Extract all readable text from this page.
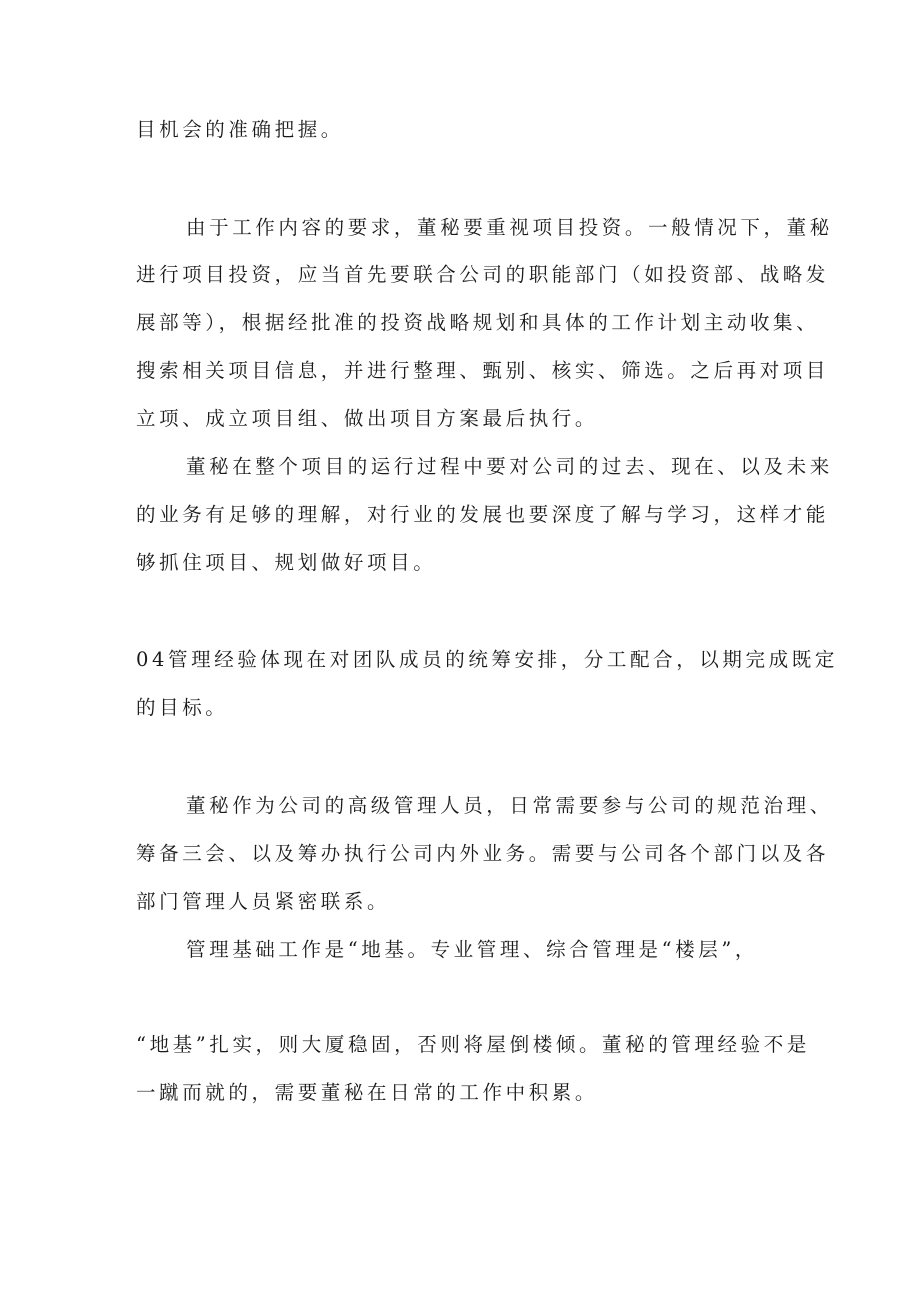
目机会的准确把握。
由于工作内容的要求，董秘要重视项目投资。一般情况下，董秘
进行项目投资，应当首先要联合公司的职能部门（如投资部、战略发
展部等），根据经批准的投资战略规划和具体的工作计划主动收集、
搜索相关项目信息，并进行整理、甄别、核实、筛选。之后再对项目
立项、成立项目组、做出项目方案最后执行。
董秘在整个项目的运行过程中要对公司的过去、现在、以及未来
的业务有足够的理解，对行业的发展也要深度了解与学习，这样才能
够抓住项目、规划做好项目。
04管理经验体现在对团队成员的统筹安排，分工配合，以期完成既定
的目标。
董秘作为公司的高级管理人员，日常需要参与公司的规范治理、
筹备三会、以及筹办执行公司内外业务。需要与公司各个部门以及各
部门管理人员紧密联系。
管理基础工作是“地基。专业管理、综合管理是“楼层”，
“地基”扎实，则大厦稳固，否则将屋倒楼倾。董秘的管理经验不是
一蹴而就的，需要董秘在日常的工作中积累。
